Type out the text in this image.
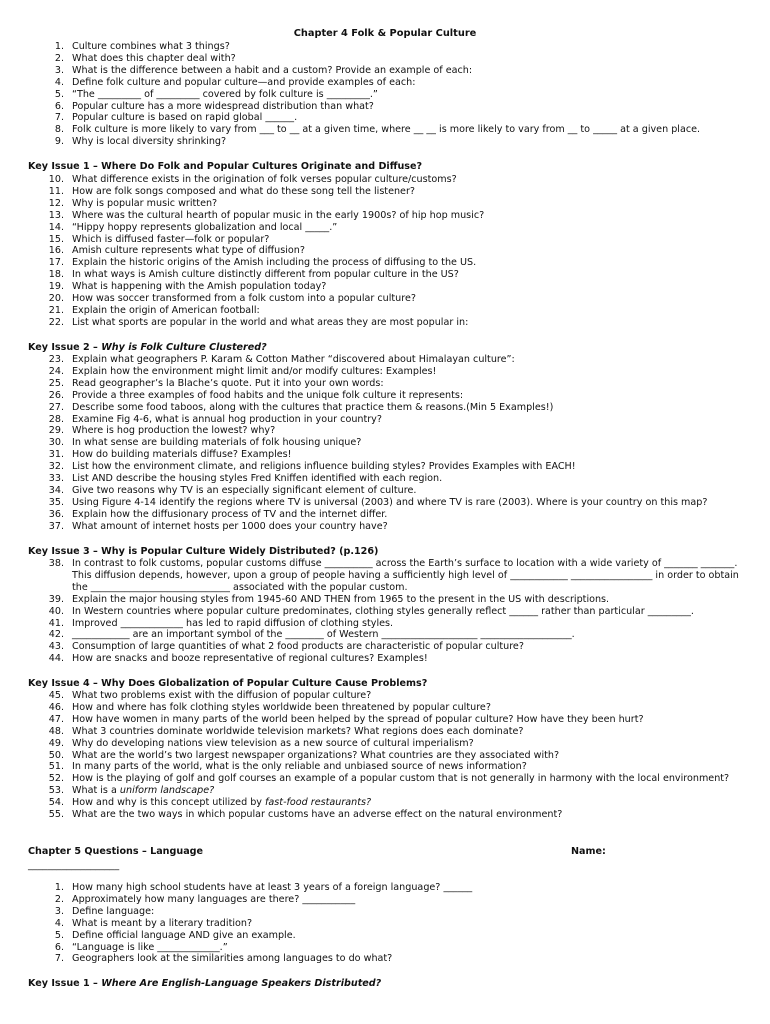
Chapter 4 Folk & Popular Culture
1. Culture combines what 3 things?
2. What does this chapter deal with?
3. What is the difference between a habit and a custom? Provide an example of each:
4. Define folk culture and popular culture—and provide examples of each:
5. “The _________ of _________ covered by folk culture is _________.”
6. Popular culture has a more widespread distribution than what?
7. Popular culture is based on rapid global ______.
8. Folk culture is more likely to vary from ___ to __ at a given time, where __ __ is more likely to vary from __ to _____ at a given place.
9. Why is local diversity shrinking?
Key Issue 1 – Where Do Folk and Popular Cultures Originate and Diffuse?
10. What difference exists in the origination of folk verses popular culture/customs?
11. How are folk songs composed and what do these song tell the listener?
12. Why is popular music written?
13. Where was the cultural hearth of popular music in the early 1900s? of hip hop music?
14. “Hippy hoppy represents globalization and local _____.”
15. Which is diffused faster—folk or popular?
16. Amish culture represents what type of diffusion?
17. Explain the historic origins of the Amish including the process of diffusing to the US.
18. In what ways is Amish culture distinctly different from popular culture in the US?
19. What is happening with the Amish population today?
20. How was soccer transformed from a folk custom into a popular culture?
21. Explain the origin of American football:
22. List what sports are popular in the world and what areas they are most popular in:
Key Issue 2 – Why is Folk Culture Clustered?
23. Explain what geographers P. Karam & Cotton Mather “discovered about Himalayan culture”:
24. Explain how the environment might limit and/or modify cultures: Examples!
25. Read geographer’s la Blache’s quote. Put it into your own words:
26. Provide a three examples of food habits and the unique folk culture it represents:
27. Describe some food taboos, along with the cultures that practice them & reasons.(Min 5 Examples!)
28. Examine Fig 4-6, what is annual hog production in your country?
29. Where is hog production the lowest? why?
30. In what sense are building materials of folk housing unique?
31. How do building materials diffuse? Examples!
32. List how the environment climate, and religions influence building styles? Provides Examples with EACH!
33. List AND describe the housing styles Fred Kniffen identified with each region.
34. Give two reasons why TV is an especially significant element of culture.
35. Using Figure 4-14 identify the regions where TV is universal (2003) and where TV is rare (2003). Where is your country on this map?
36. Explain how the diffusionary process of TV and the internet differ.
37. What amount of internet hosts per 1000 does your country have?
Key Issue 3 – Why is Popular Culture Widely Distributed? (p.126)
38. In contrast to folk customs, popular customs diffuse __________ across the Earth’s surface to location with a wide variety of _______ _______. This diffusion depends, however, upon a group of people having a sufficiently high level of ____________ _________________ in order to obtain the _____________________________ associated with the popular custom.
39. Explain the major housing styles from 1945-60 AND THEN from 1965 to the present in the US with descriptions.
40. In Western countries where popular culture predominates, clothing styles generally reflect ______ rather than particular _________.
41. Improved _____________ has led to rapid diffusion of clothing styles.
42. ____________ are an important symbol of the ________ of Western ____________________ ___________________.
43. Consumption of large quantities of what 2 food products are characteristic of popular culture?
44. How are snacks and booze representative of regional cultures? Examples!
Key Issue 4 – Why Does Globalization of Popular Culture Cause Problems?
45. What two problems exist with the diffusion of popular culture?
46. How and where has folk clothing styles worldwide been threatened by popular culture?
47. How have women in many parts of the world been helped by the spread of popular culture? How have they been hurt?
48. What 3 countries dominate worldwide television markets? What regions does each dominate?
49. Why do developing nations view television as a new source of cultural imperialism?
50. What are the world’s two largest newspaper organizations? What countries are they associated with?
51. In many parts of the world, what is the only reliable and unbiased source of news information?
52. How is the playing of golf and golf courses an example of a popular custom that is not generally in harmony with the local environment?
53. What is a uniform landscape?
54. How and why is this concept utilized by fast-food restaurants?
55. What are the two ways in which popular customs have an adverse effect on the natural environment?
Chapter 5 Questions – Language	Name:
___________________
1. How many high school students have at least 3 years of a foreign language? ______
2. Approximately how many languages are there? ___________
3. Define language:
4. What is meant by a literary tradition?
5. Define official language AND give an example.
6. “Language is like _____________.”
7. Geographers look at the similarities among languages to do what?
Key Issue 1 – Where Are English-Language Speakers Distributed?
